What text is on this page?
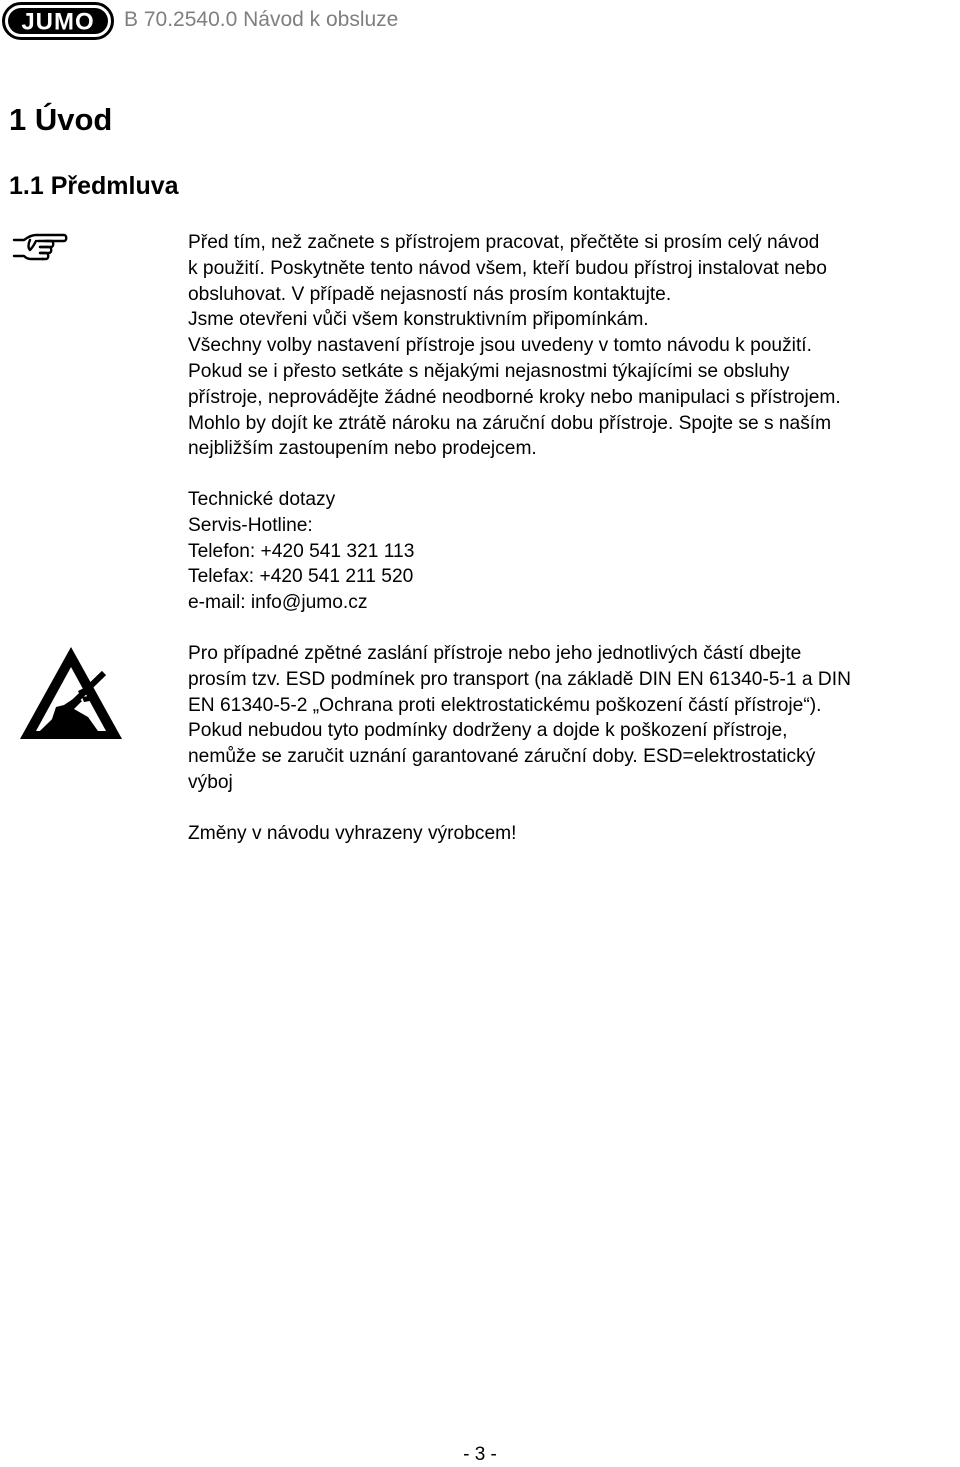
JUMO B 70.2540.0 Návod k obsluze
1 Úvod
1.1 Předmluva
Před tím, než začnete s přístrojem pracovat, přečtěte si prosím celý návod
k použití. Poskytněte tento návod všem, kteří budou přístroj instalovat nebo
obsluhovat. V případě nejasností nás prosím kontaktujte.
Jsme otevřeni vůči všem konstruktivním připomínkám.
Všechny volby nastavení přístroje jsou uvedeny v tomto návodu k použití.
Pokud se i přesto setkáte s nějakými nejasnostmi týkajícími se obsluhy
přístroje, neprovádějte žádné neodborné kroky nebo manipulaci s přístrojem.
Mohlo by dojít ke ztrátě nároku na záruční dobu přístroje. Spojte se s naším
nejbližším zastoupením nebo prodejcem.
Technické dotazy
Servis-Hotline:
Telefon: +420 541 321 113
Telefax: +420 541 211 520
e-mail: info@jumo.cz
Pro případné zpětné zaslání přístroje nebo jeho jednotlivých částí dbejte
prosím tzv. ESD podmínek pro transport (na základě DIN EN 61340-5-1 a DIN
EN 61340-5-2 „Ochrana proti elektrostatickému poškození částí přístroje“).
Pokud nebudou tyto podmínky dodrženy a dojde k poškození přístroje,
nemůže se zaručit uznání garantované záruční doby. ESD=elektrostatický
výboj
Změny v návodu vyhrazeny výrobcem!
- 3 -
